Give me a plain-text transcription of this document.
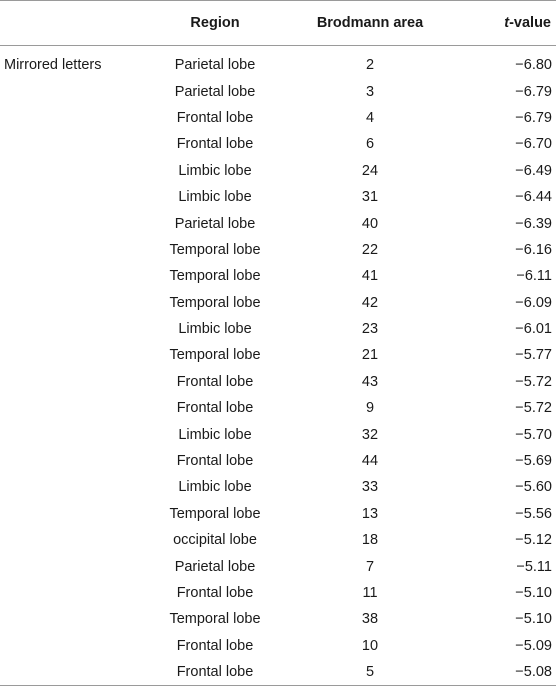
	Region	Brodmann area	t-value
Mirrored letters	Parietal lobe	2	−6.80
	Parietal lobe	3	−6.79
	Frontal lobe	4	−6.79
	Frontal lobe	6	−6.70
	Limbic lobe	24	−6.49
	Limbic lobe	31	−6.44
	Parietal lobe	40	−6.39
	Temporal lobe	22	−6.16
	Temporal lobe	41	−6.11
	Temporal lobe	42	−6.09
	Limbic lobe	23	−6.01
	Temporal lobe	21	−5.77
	Frontal lobe	43	−5.72
	Frontal lobe	9	−5.72
	Limbic lobe	32	−5.70
	Frontal lobe	44	−5.69
	Limbic lobe	33	−5.60
	Temporal lobe	13	−5.56
	occipital lobe	18	−5.12
	Parietal lobe	7	−5.11
	Frontal lobe	11	−5.10
	Temporal lobe	38	−5.10
	Frontal lobe	10	−5.09
	Frontal lobe	5	−5.08
